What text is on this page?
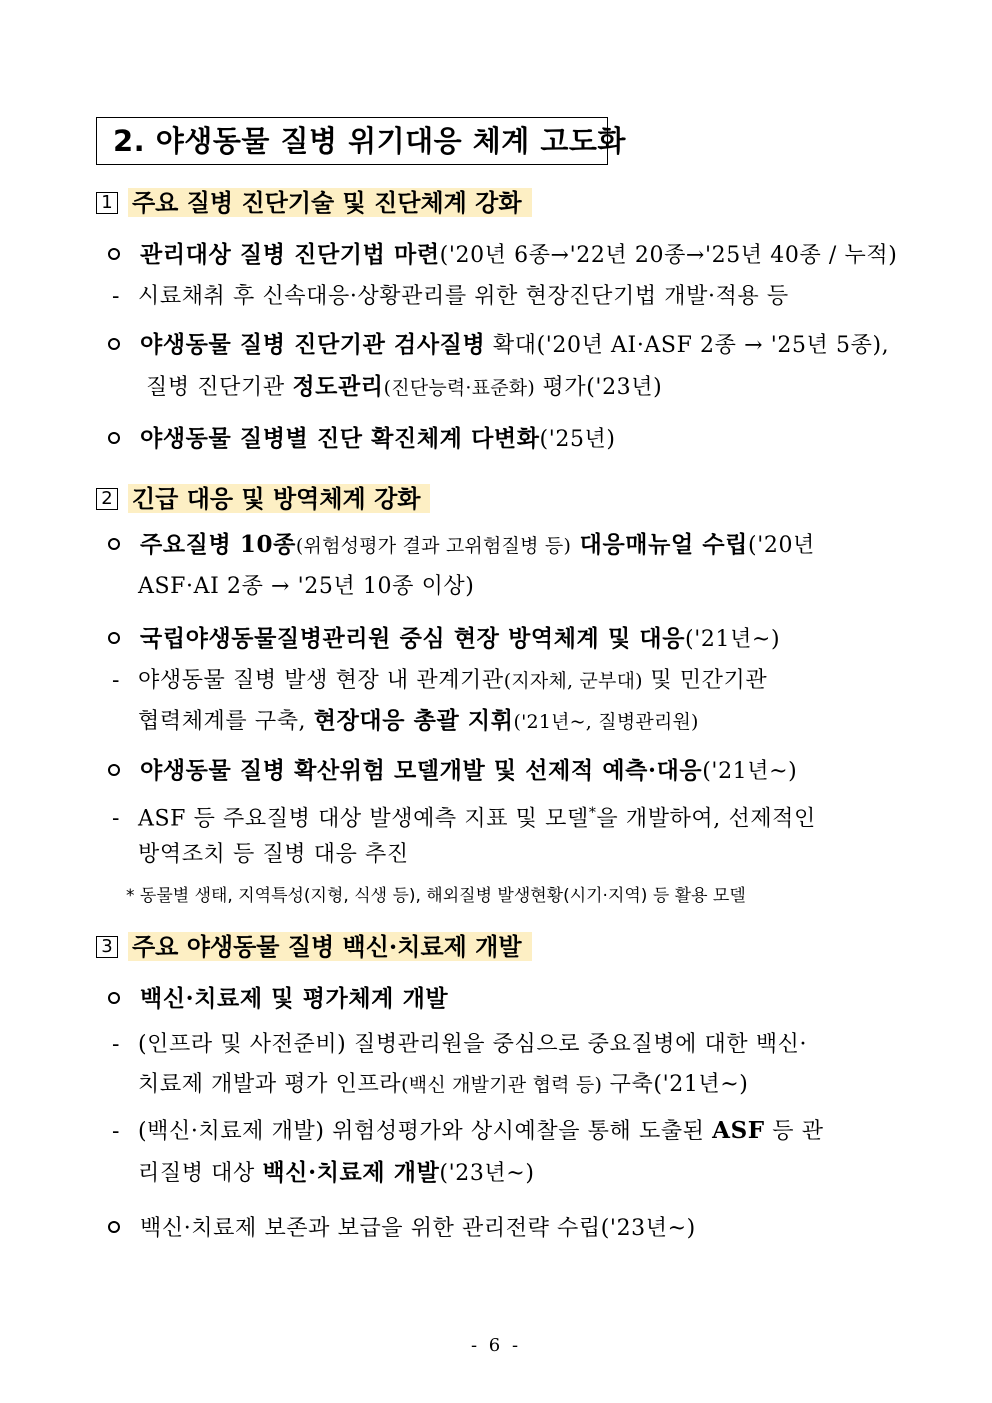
2. 야생동물 질병 위기대응 체계 고도화
1 주요 질병 진단기술 및 진단체계 강화
관리대상 질병 진단기법 마련('20년 6종→'22년 20종→'25년 40종 / 누적)
- 시료채취 후 신속대응·상황관리를 위한 현장진단기법 개발·적용 등
야생동물 질병 진단기관 검사질병 확대('20년 AI·ASF 2종 → '25년 5종),
질병 진단기관 정도관리(진단능력·표준화) 평가('23년)
야생동물 질병별 진단 확진체계 다변화('25년)
2 긴급 대응 및 방역체계 강화
주요질병 10종(위험성평가 결과 고위험질병 등) 대응매뉴얼 수립('20년
ASF·AI 2종 → '25년 10종 이상)
국립야생동물질병관리원 중심 현장 방역체계 및 대응('21년~)
- 야생동물 질병 발생 현장 내 관계기관(지자체, 군부대) 및 민간기관
협력체계를 구축, 현장대응 총괄 지휘('21년~, 질병관리원)
야생동물 질병 확산위험 모델개발 및 선제적 예측·대응('21년~)
- ASF 등 주요질병 대상 발생예측 지표 및 모델*을 개발하여, 선제적인
방역조치 등 질병 대응 추진
* 동물별 생태, 지역특성(지형, 식생 등), 해외질병 발생현황(시기·지역) 등 활용 모델
3 주요 야생동물 질병 백신·치료제 개발
백신·치료제 및 평가체계 개발
- (인프라 및 사전준비) 질병관리원을 중심으로 중요질병에 대한 백신·
치료제 개발과 평가 인프라(백신 개발기관 협력 등) 구축('21년~)
- (백신·치료제 개발) 위험성평가와 상시예찰을 통해 도출된 ASF 등 관
리질병 대상 백신·치료제 개발('23년~)
백신·치료제 보존과 보급을 위한 관리전략 수립('23년~)
- 6 -
